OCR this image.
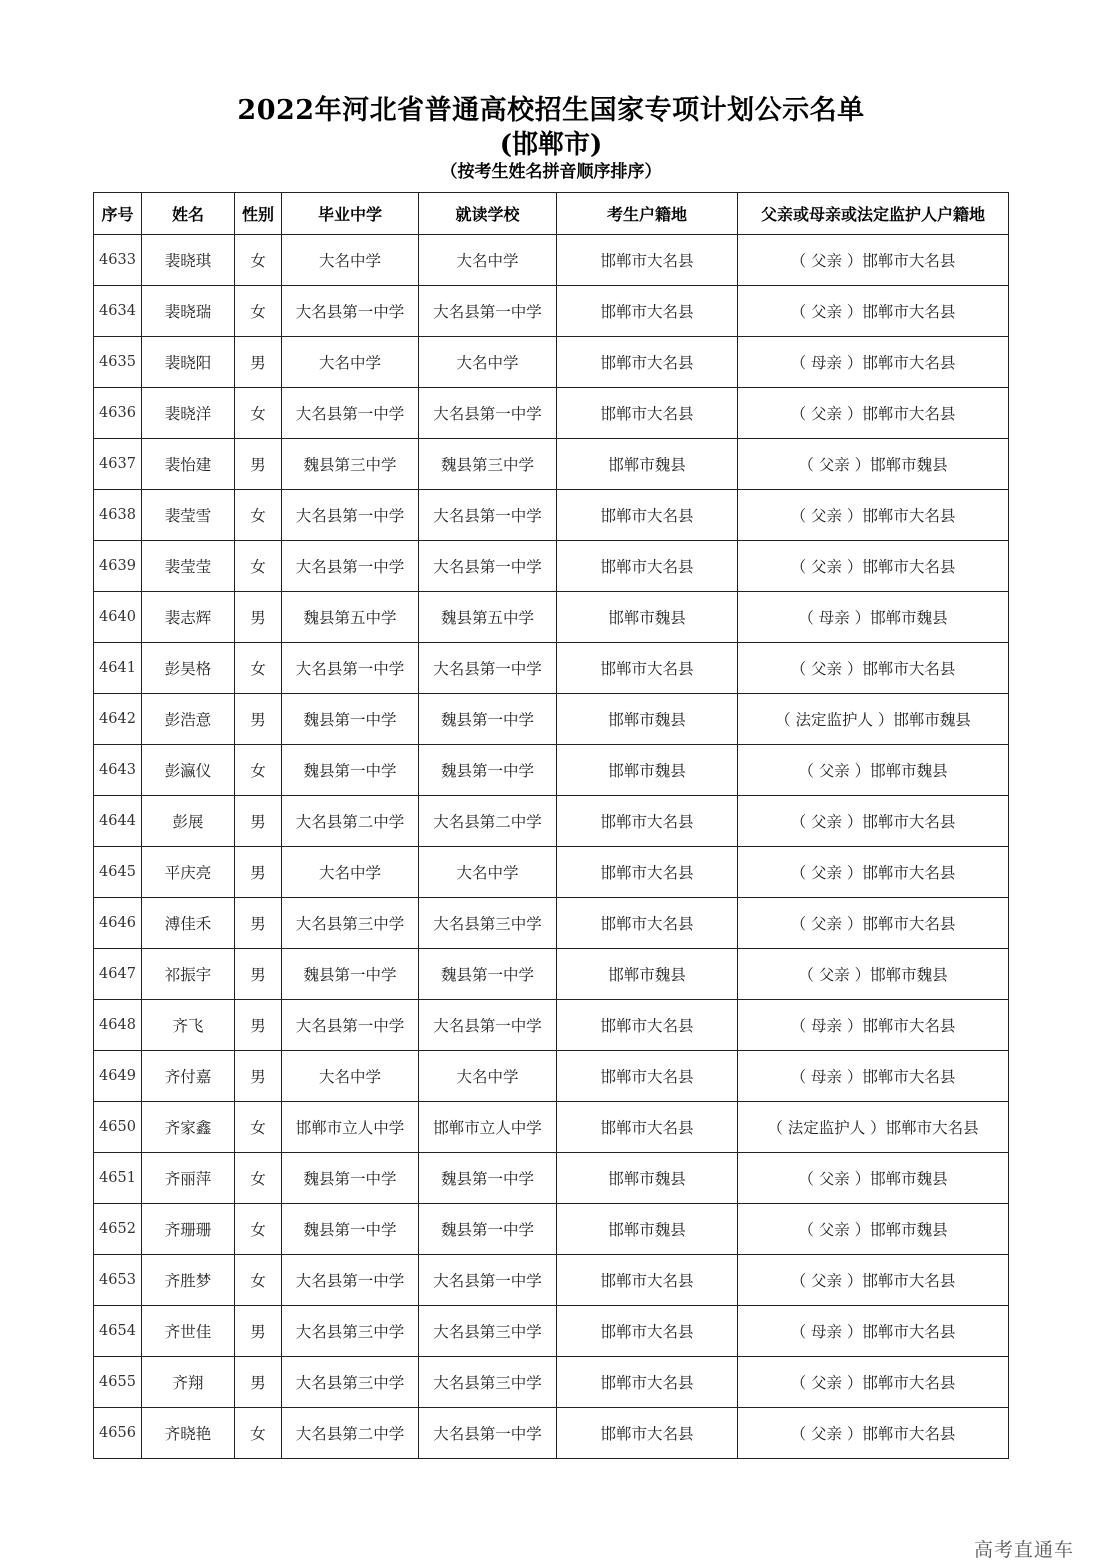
2022年河北省普通高校招生国家专项计划公示名单
(邯郸市)
（按考生姓名拼音顺序排序）
序号	姓名	性别	毕业中学	就读学校	考生户籍地	父亲或母亲或法定监护人户籍地
4633	裴晓琪	女	大名中学	大名中学	邯郸市大名县	（ 父亲 ）邯郸市大名县
4634	裴晓瑞	女	大名县第一中学	大名县第一中学	邯郸市大名县	（ 父亲 ）邯郸市大名县
4635	裴晓阳	男	大名中学	大名中学	邯郸市大名县	（ 母亲 ）邯郸市大名县
4636	裴晓洋	女	大名县第一中学	大名县第一中学	邯郸市大名县	（ 父亲 ）邯郸市大名县
4637	裴怡建	男	魏县第三中学	魏县第三中学	邯郸市魏县	（ 父亲 ）邯郸市魏县
4638	裴莹雪	女	大名县第一中学	大名县第一中学	邯郸市大名县	（ 父亲 ）邯郸市大名县
4639	裴莹莹	女	大名县第一中学	大名县第一中学	邯郸市大名县	（ 父亲 ）邯郸市大名县
4640	裴志辉	男	魏县第五中学	魏县第五中学	邯郸市魏县	（ 母亲 ）邯郸市魏县
4641	彭昊格	女	大名县第一中学	大名县第一中学	邯郸市大名县	（ 父亲 ）邯郸市大名县
4642	彭浩意	男	魏县第一中学	魏县第一中学	邯郸市魏县	（ 法定监护人 ）邯郸市魏县
4643	彭瀛仪	女	魏县第一中学	魏县第一中学	邯郸市魏县	（ 父亲 ）邯郸市魏县
4644	彭展	男	大名县第二中学	大名县第二中学	邯郸市大名县	（ 父亲 ）邯郸市大名县
4645	平庆亮	男	大名中学	大名中学	邯郸市大名县	（ 父亲 ）邯郸市大名县
4646	溥佳禾	男	大名县第三中学	大名县第三中学	邯郸市大名县	（ 父亲 ）邯郸市大名县
4647	祁振宇	男	魏县第一中学	魏县第一中学	邯郸市魏县	（ 父亲 ）邯郸市魏县
4648	齐飞	男	大名县第一中学	大名县第一中学	邯郸市大名县	（ 母亲 ）邯郸市大名县
4649	齐付嘉	男	大名中学	大名中学	邯郸市大名县	（ 母亲 ）邯郸市大名县
4650	齐家鑫	女	邯郸市立人中学	邯郸市立人中学	邯郸市大名县	（ 法定监护人 ）邯郸市大名县
4651	齐丽萍	女	魏县第一中学	魏县第一中学	邯郸市魏县	（ 父亲 ）邯郸市魏县
4652	齐珊珊	女	魏县第一中学	魏县第一中学	邯郸市魏县	（ 父亲 ）邯郸市魏县
4653	齐胜梦	女	大名县第一中学	大名县第一中学	邯郸市大名县	（ 父亲 ）邯郸市大名县
4654	齐世佳	男	大名县第三中学	大名县第三中学	邯郸市大名县	（ 母亲 ）邯郸市大名县
4655	齐翔	男	大名县第三中学	大名县第三中学	邯郸市大名县	（ 父亲 ）邯郸市大名县
4656	齐晓艳	女	大名县第二中学	大名县第一中学	邯郸市大名县	（ 父亲 ）邯郸市大名县
高考直通车
